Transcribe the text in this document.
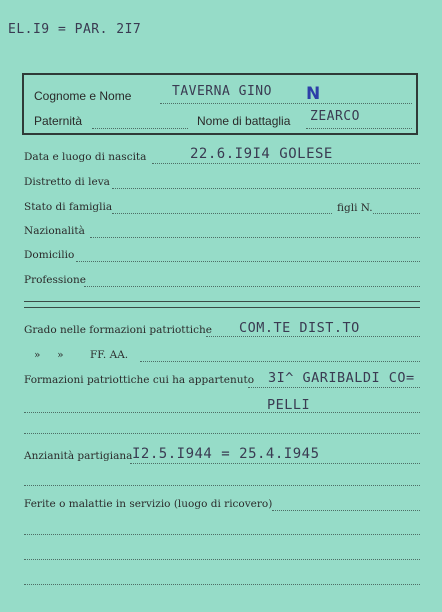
EL.I9 = PAR. 2I7
Cognome e Nome	TAVERNA GINO N
Paternità	Nome di battaglia ZEARCO
Data e luogo di nascita	22.6.I9I4 GOLESE
Distretto di leva
Stato di famiglia	figli N.
Nazionalità
Domicilio
Professione
Grado nelle formazioni patriottiche COM.TE DIST.TO
»     »	FF. AA.
Formazioni patriottiche cui ha appartenuto 3I^ GARIBALDI CO=
PELLI
Anzianità partigiana I2.5.I944 = 25.4.I945
Ferite o malattie in servizio (luogo di ricovero)
